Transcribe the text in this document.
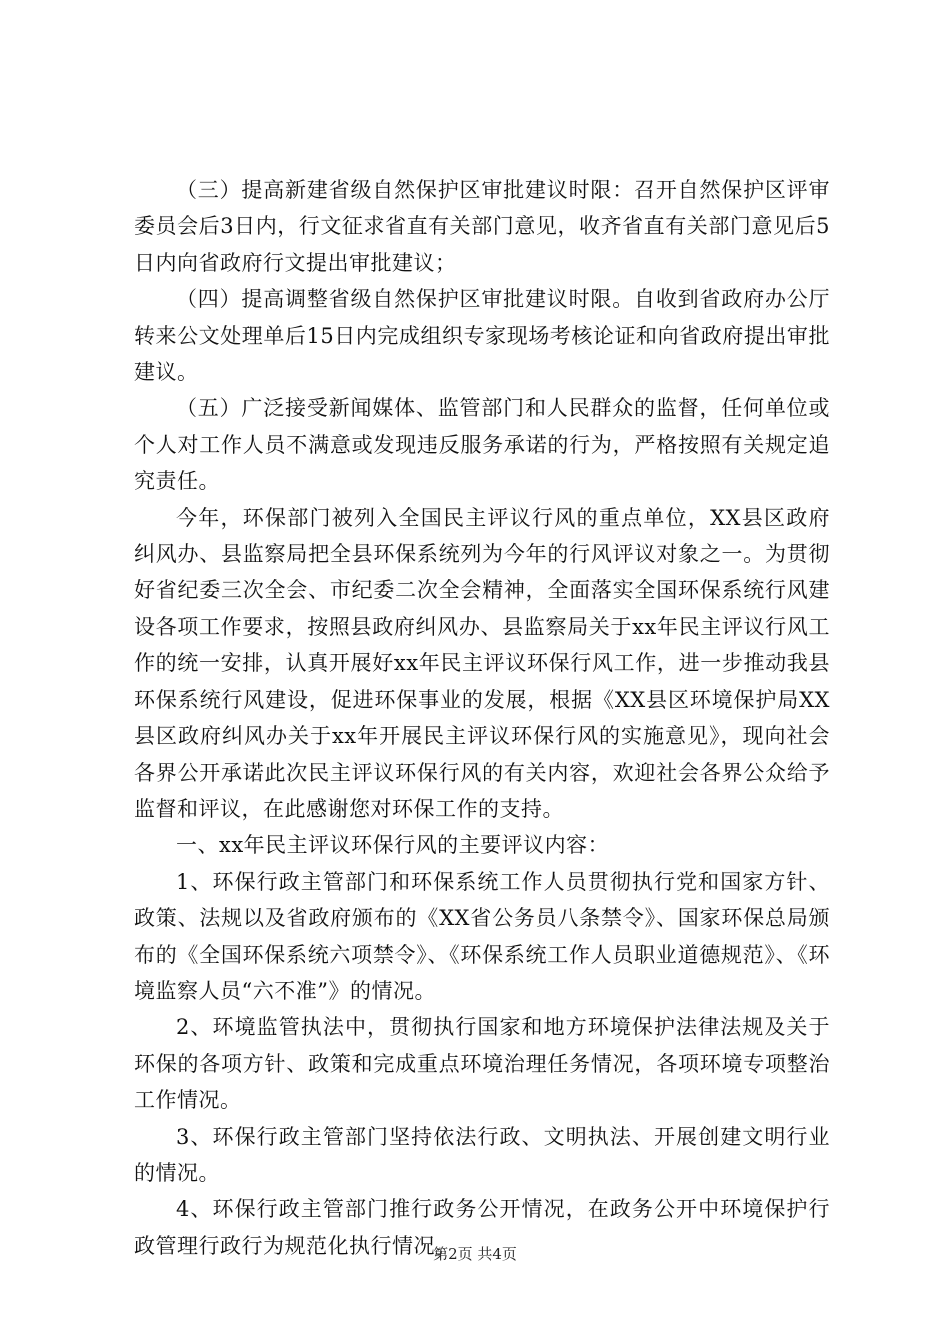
（三）提高新建省级自然保护区审批建议时限：召开自然保护区评审委员会后3日内，行文征求省直有关部门意见，收齐省直有关部门意见后5日内向省政府行文提出审批建议；

（四）提高调整省级自然保护区审批建议时限。自收到省政府办公厅转来公文处理单后15日内完成组织专家现场考核论证和向省政府提出审批建议。

（五）广泛接受新闻媒体、监管部门和人民群众的监督，任何单位或个人对工作人员不满意或发现违反服务承诺的行为，严格按照有关规定追究责任。

今年，环保部门被列入全国民主评议行风的重点单位，XX县区政府纠风办、县监察局把全县环保系统列为今年的行风评议对象之一。为贯彻好省纪委三次全会、市纪委二次全会精神，全面落实全国环保系统行风建设各项工作要求，按照县政府纠风办、县监察局关于xx年民主评议行风工作的统一安排，认真开展好xx年民主评议环保行风工作，进一步推动我县环保系统行风建设，促进环保事业的发展，根据《XX县区环境保护局XX县区政府纠风办关于xx年开展民主评议环保行风的实施意见》，现向社会各界公开承诺此次民主评议环保行风的有关内容，欢迎社会各界公众给予监督和评议，在此感谢您对环保工作的支持。

一、xx年民主评议环保行风的主要评议内容：

1、环保行政主管部门和环保系统工作人员贯彻执行党和国家方针、政策、法规以及省政府颁布的《XX省公务员八条禁令》、国家环保总局颁布的《全国环保系统六项禁令》、《环保系统工作人员职业道德规范》、《环境监察人员“六不准”》的情况。

2、环境监管执法中，贯彻执行国家和地方环境保护法律法规及关于环保的各项方针、政策和完成重点环境治理任务情况，各项环境专项整治工作情况。

3、环保行政主管部门坚持依法行政、文明执法、开展创建文明行业的情况。

4、环保行政主管部门推行政务公开情况，在政务公开中环境保护行政管理行政行为规范化执行情况。

第2页 共4页
